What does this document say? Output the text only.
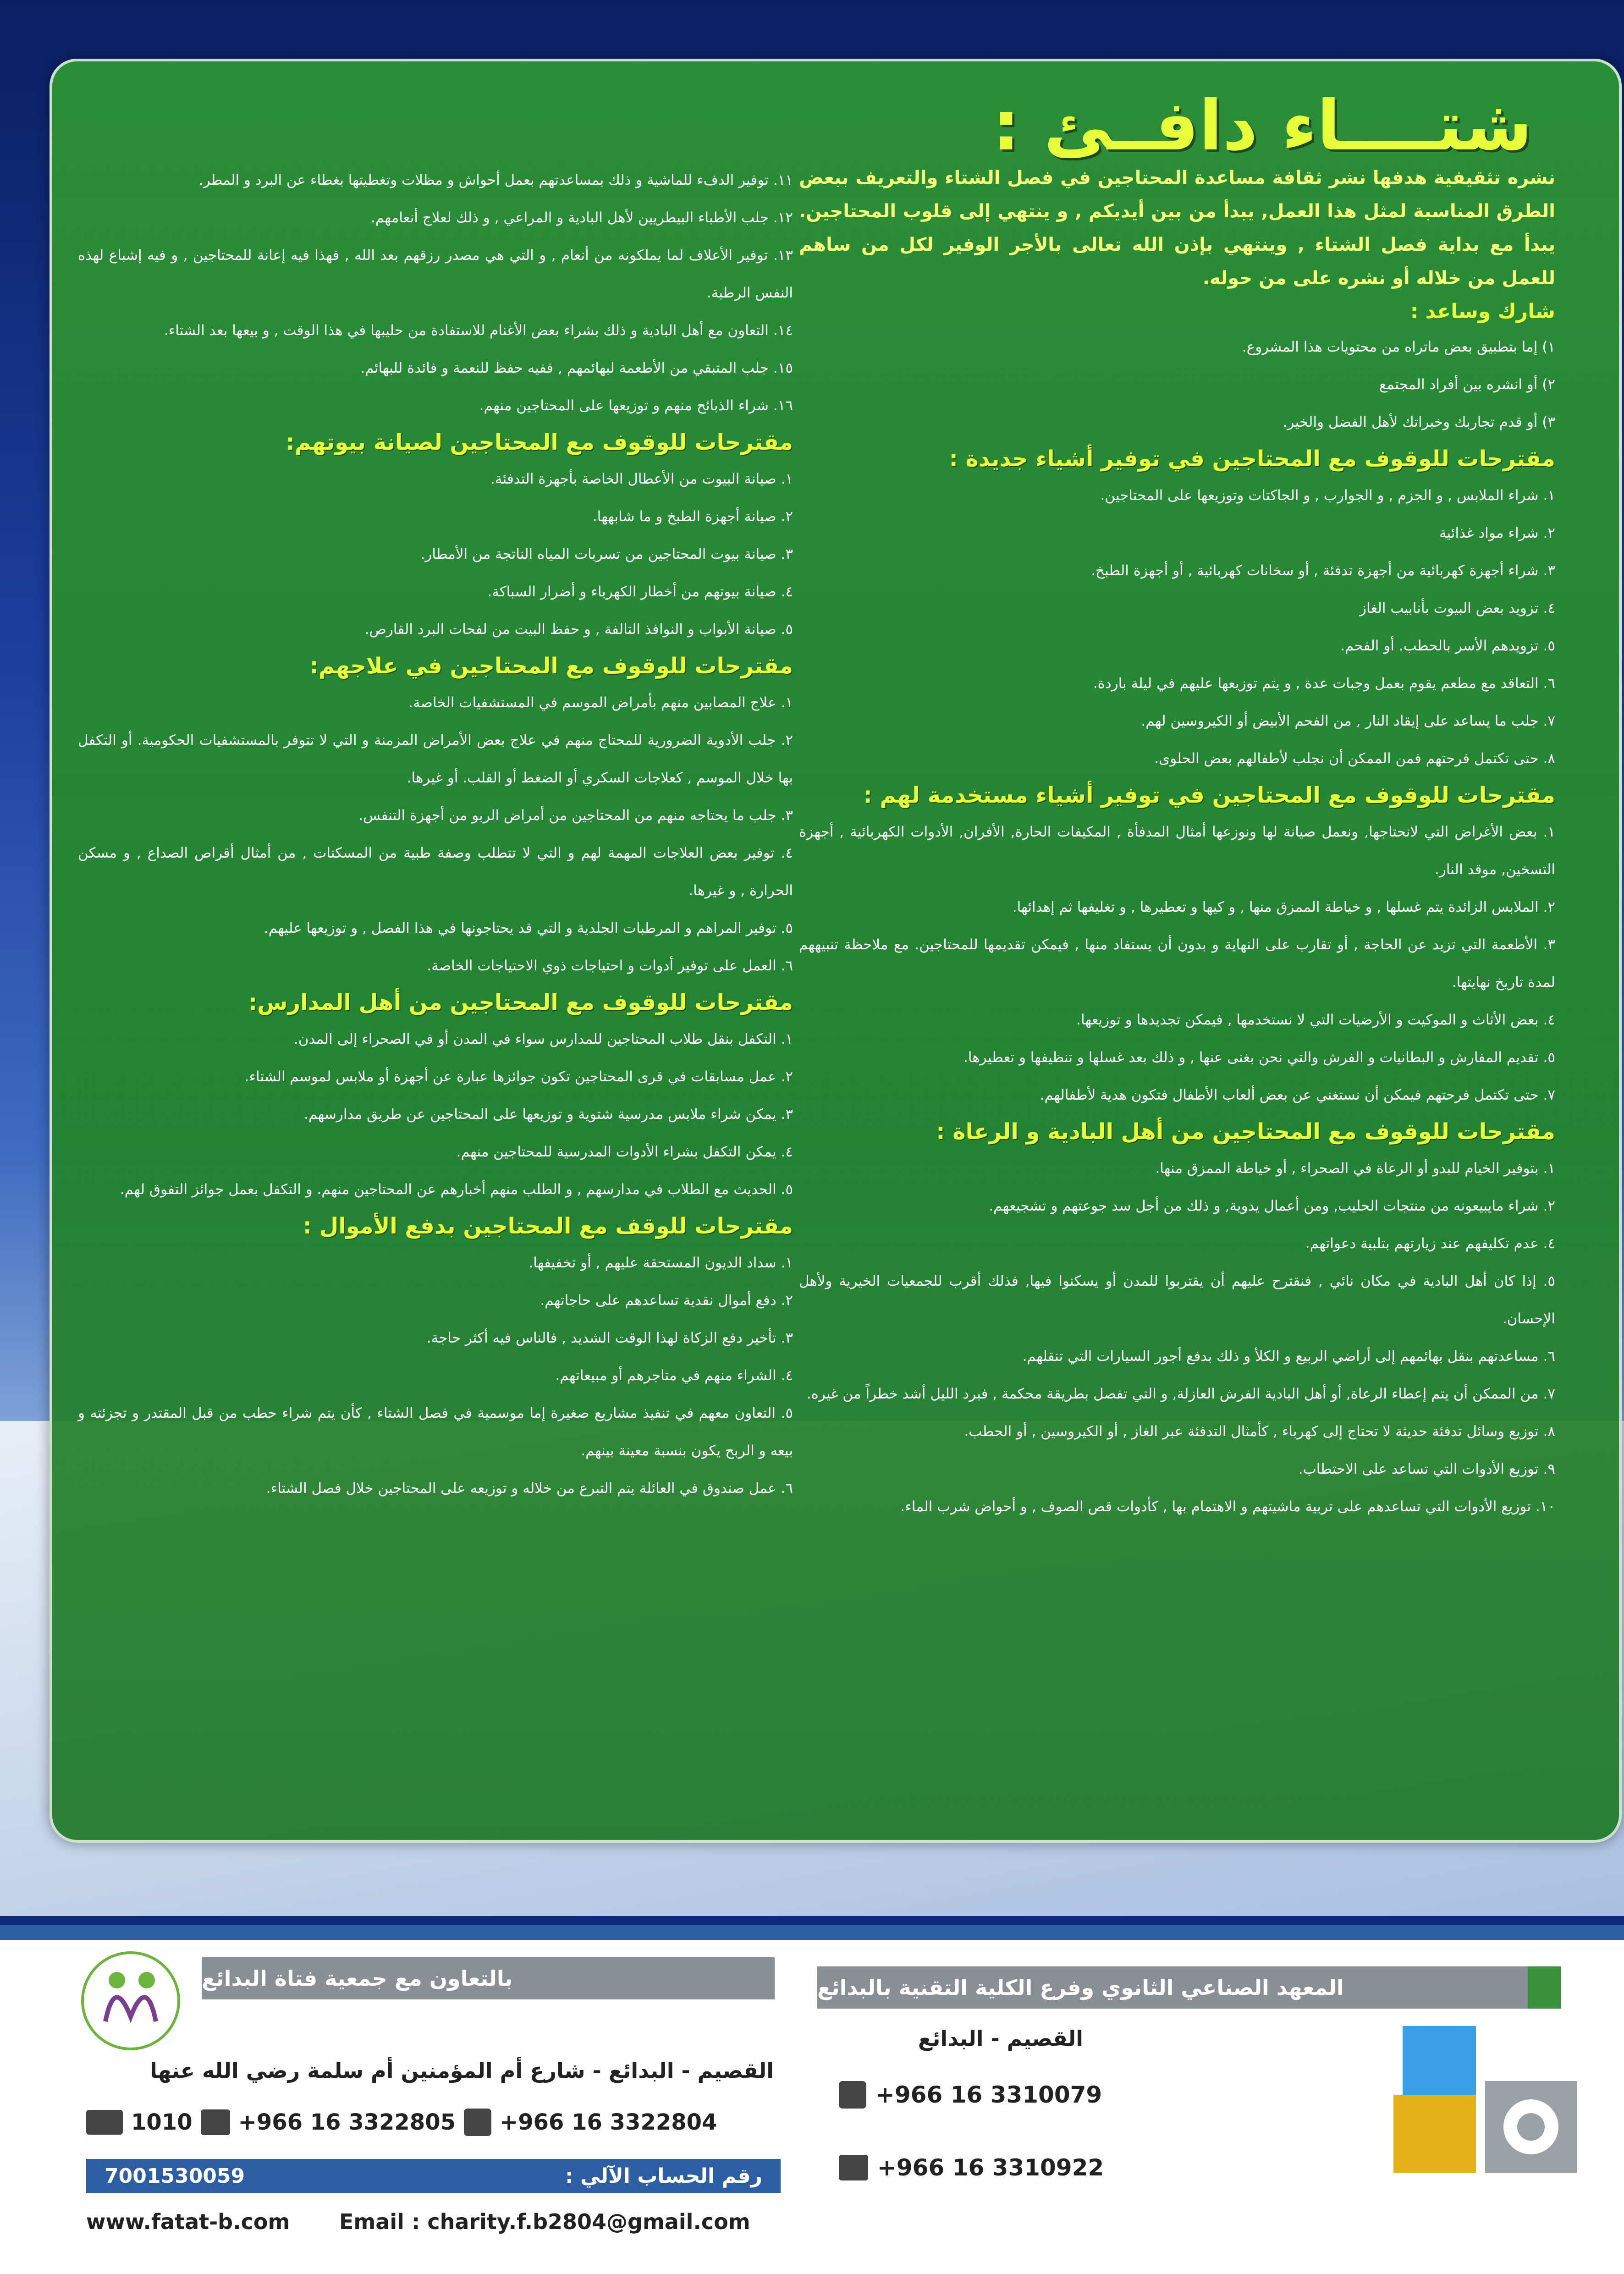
شتــــاء دافــئ :
نشره تثقيفية هدفها نشر ثقافة مساعدة المحتاجين في فصل الشتاء والتعريف ببعض الطرق المناسبة لمثل هذا العمل, يبدأ من بين أيديكم , و ينتهي إلى قلوب المحتاجين. يبدأ مع بداية فصل الشتاء , وينتهي بإذن الله تعالى بالأجر الوفير لكل من ساهم للعمل من خلاله أو نشره على من حوله.
شارك وساعد :
١) إما بتطبيق بعض ماتراه من محتويات هذا المشروع.
٢) أو انشره بين أفراد المجتمع
٣) أو قدم تجاربك وخبراتك لأهل الفضل والخير.
مقترحات للوقوف مع المحتاجين في توفير أشياء جديدة :
١. شراء الملابس , و الجزم , و الجوارب , و الجاكتات وتوزيعها على المحتاجين.
٢. شراء مواد غذائية
٣. شراء أجهزة كهربائية من أجهزة تدفئة , أو سخانات كهربائية , أو أجهزة الطبخ.
٤. تزويد بعض البيوت بأنابيب الغاز
٥. تزويدهم الأسر بالحطب. أو الفحم.
٦. التعاقد مع مطعم يقوم بعمل وجبات عدة , و يتم توزيعها عليهم في ليلة باردة.
٧. جلب ما يساعد على إيقاد النار , من الفحم الأبيض أو الكيروسين لهم.
٨. حتى تكتمل فرحتهم فمن الممكن أن نجلب لأطفالهم بعض الحلوى.
مقترحات للوقوف مع المحتاجين في توفير أشياء مستخدمة لهم :
١. بعض الأغراض التي لانحتاجها, ونعمل صيانة لها ونوزعها أمثال المدفأة , المكيفات الحارة, الأفران, الأدوات الكهربائية , أجهزة التسخين, موقد النار.
٢. الملابس الزائدة يتم غسلها , و خياطة الممزق منها , و كيها و تعطيرها , و تغليفها ثم إهدائها.
٣. الأطعمة التي تزيد عن الحاجة , أو تقارب على النهاية و بدون أن يستفاد منها , فيمكن تقديمها للمحتاجين. مع ملاحظة تنبيههم لمدة تاريخ نهايتها.
٤. بعض الأثاث و الموكيت و الأرضيات التي لا نستخدمها , فيمكن تجديدها و توزيعها.
٥. تقديم المفارش و البطانيات و الفرش والتي نحن بغنى عنها , و ذلك بعد غسلها و تنظيفها و تعطيرها.
٧. حتى تكتمل فرحتهم فيمكن أن نستغني عن بعض ألعاب الأطفال فتكون هدية لأطفالهم.
مقترحات للوقوف مع المحتاجين من أهل البادية و الرعاة :
١. بتوفير الخيام للبدو أو الرعاة في الصحراء , أو خياطة الممزق منها.
٢. شراء مايبيعونه من منتجات الحليب, ومن أعمال يدوية, و ذلك من أجل سد جوعتهم و تشجيعهم.
٤. عدم تكليفهم عند زيارتهم بتلبية دعواتهم.
٥. إذا كان أهل البادية في مكان نائي , فنقترح عليهم أن يقتربوا للمدن أو يسكنوا فيها, فذلك أقرب للجمعيات الخيرية ولأهل الإحسان.
٦. مساعدتهم بنقل بهائمهم إلى أراضي الربيع و الكلأ و ذلك بدفع أجور السيارات التي تنقلهم.
٧. من الممكن أن يتم إعطاء الرعاة, أو أهل البادية الفرش العازلة, و التي تفصل بطريقة محكمة , فبرد الليل أشد خطراً من غيره.
٨. توزيع وسائل تدفئة حديثة لا تحتاج إلى كهرباء , كأمثال التدفئة عبر الغاز , أو الكيروسين , أو الحطب.
٩. توزيع الأدوات التي تساعد على الاحتطاب.
١٠. توزيع الأدوات التي تساعدهم على تربية ماشيتهم و الاهتمام بها , كأدوات قص الصوف , و أحواض شرب الماء.
١١. توفير الدفء للماشية و ذلك بمساعدتهم بعمل أحواش و مظلات وتغطيتها بغطاء عن البرد و المطر.
١٢. جلب الأطباء البيطريين لأهل البادية و المراعي , و ذلك لعلاج أنعامهم.
١٣. توفير الأعلاف لما يملكونه من أنعام , و التي هي مصدر رزقهم بعد الله , فهذا فيه إعانة للمحتاجين , و فيه إشباع لهذه النفس الرطبة.
١٤. التعاون مع أهل البادية و ذلك بشراء بعض الأغنام للاستفادة من حليبها في هذا الوقت , و بيعها بعد الشتاء.
١٥. جلب المتبقي من الأطعمة لبهائمهم , ففيه حفظ للنعمة و فائدة للبهائم.
١٦. شراء الذبائح منهم و توزيعها على المحتاجين منهم.
مقترحات للوقوف مع المحتاجين لصيانة بيوتهم:
١. صيانة البيوت من الأعطال الخاصة بأجهزة التدفئة.
٢. صيانة أجهزة الطبخ و ما شابهها.
٣. صيانة بيوت المحتاجين من تسربات المياه الناتجة من الأمطار.
٤. صيانة بيوتهم من أخطار الكهرباء و أضرار السباكة.
٥. صيانة الأبواب و النوافذ التالفة , و حفظ البيت من لفحات البرد القارص.
مقترحات للوقوف مع المحتاجين في علاجهم:
١. علاج المصابين منهم بأمراض الموسم في المستشفيات الخاصة.
٢. جلب الأدوية الضرورية للمحتاج منهم في علاج بعض الأمراض المزمنة و التي لا تتوفر بالمستشفيات الحكومية. أو التكفل بها خلال الموسم , كعلاجات السكري أو الضغط أو القلب. أو غيرها.
٣. جلب ما يحتاجه منهم من المحتاجين من أمراض الربو من أجهزة التنفس.
٤. توفير بعض العلاجات المهمة لهم و التي لا تتطلب وصفة طبية من المسكنات , من أمثال أقراص الصداع , و مسكن الحرارة , و غيرها.
٥. توفير المراهم و المرطبات الجلدية و التي قد يحتاجونها في هذا الفصل , و توزيعها عليهم.
٦. العمل على توفير أدوات و احتياجات ذوي الاحتياجات الخاصة.
مقترحات للوقوف مع المحتاجين من أهل المدارس:
١. التكفل بنقل طلاب المحتاجين للمدارس سواء في المدن أو في الصحراء إلى المدن.
٢. عمل مسابقات في قرى المحتاجين تكون جوائزها عبارة عن أجهزة أو ملابس لموسم الشتاء.
٣. يمكن شراء ملابس مدرسية شتوية و توزيعها على المحتاجين عن طريق مدارسهم.
٤. يمكن التكفل بشراء الأدوات المدرسية للمحتاجين منهم.
٥. الحديث مع الطلاب في مدارسهم , و الطلب منهم أخبارهم عن المحتاجين منهم. و التكفل بعمل جوائز التفوق لهم.
مقترحات للوقف مع المحتاجين بدفع الأموال :
١. سداد الديون المستحقة عليهم , أو تخفيفها.
٢. دفع أموال نقدية تساعدهم على حاجاتهم.
٣. تأخير دفع الزكاة لهذا الوقت الشديد , فالناس فيه أكثر حاجة.
٤. الشراء منهم في متاجرهم أو مبيعاتهم.
٥. التعاون معهم في تنفيذ مشاريع صغيرة إما موسمية في فصل الشتاء , كأن يتم شراء حطب من قبل المقتدر و تجزئته و بيعه و الربح يكون بنسبة معينة بينهم.
٦. عمل صندوق في العائلة يتم التبرع من خلاله و توزيعه على المحتاجين خلال فصل الشتاء.
المعهد الصناعي الثانوي وفرع الكلية التقنية بالبدائع
القصيم - البدائع
+966 16 3310079
+966 16 3310922
بالتعاون مع جمعية فتاة البدائع
القصيم - البدائع - شارع أم المؤمنين أم سلمة رضي الله عنها
1010 +966 16 3322805 +966 16 3322804
رقم الحساب الآلي :
7001530059
www.fatat-b.com Email : charity.f.b2804@gmail.com
